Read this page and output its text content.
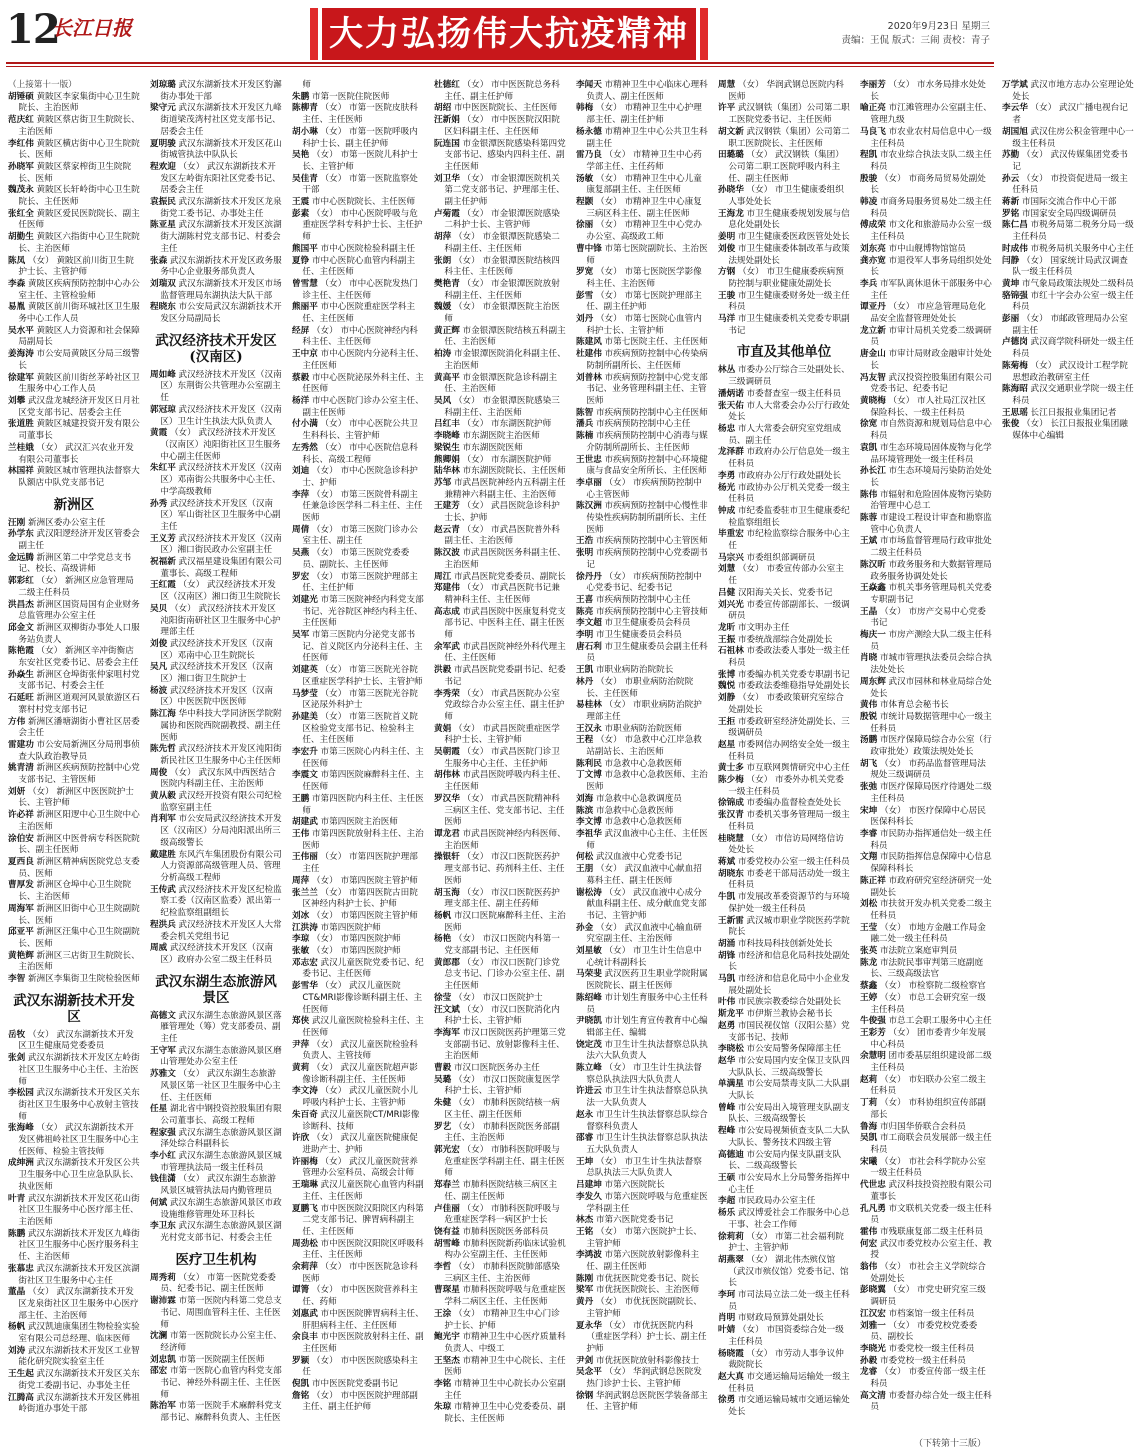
12
长江日报	大力弘扬伟大抗疫精神	2020年9月23日 星期三
责编：王侃 版式：三闹 责校：青子
（上接第十一版）

胡锤硕 黄陂区李家集街中心卫生院院长、主治医师

范庆红 黄陂区蔡店街卫生院院长、主治医师

李红伟 黄陂区横店街中心卫生院院长、医师

孙晓军 黄陂区蔡家榨街卫生院院长、医师

魏茂永 黄陂区长轩岭街中心卫生院院长、主任医师

张红全 黄陂区爱民医院院长、副主任医师

胡勤生 黄陂区六指街中心卫生院院长、主治医师

陈凤 （女） 黄陂区前川街卫生院护士长、主管护师

李森 黄陂区疾病预防控制中心办公室主任、主管检验师

易胤 黄陂区前川街环城社区卫生服务中心工作人员

吴水平 黄陂区人力资源和社会保障局副局长

姜海涛 市公安局黄陂区分局三级警长

徐建军 黄陂区前川街丝茅岭社区卫生服务中心工作人员

刘攀 武汉盘龙城经济开发区日月社区党支部书记、居委会主任

张道胜 黄陂区城建投资开发有限公司董事长

兰桂娥 （女） 武汉汇兴农业开发有限公司董事长

林国祥 黄陂区城市管理执法督察大队额店中队党支部书记

新洲区

汪刚 新洲区委办公室主任

孙学东 武汉阳逻经济开发区管委会副主任

金远腾 新洲区第二中学党总支书记、校长、高级讲师

郭彩红 （女） 新洲区应急管理局二级主任科员

洪昌杰 新洲区国资局国有企业财务总监管理办公室主任

邱金文 新洲区双柳街办事处人口服务站负责人

陈艳霞 （女） 新洲区辛冲街衡店东安社区党委书记、居委会主任

孙焱生 新洲区仓埠街张仲家咀村党支部书记、村委会主任

石延旺 新洲区道观河风景旅游区石寨村村党支部书记

方伟 新洲区潘塘湖街小曹社区居委会主任

雷建功 市公安局新洲区分局刑事侦查大队政治教导员

姚青清 新洲区疾病预防控制中心党支部书记、主管医师

刘妍 （女） 新洲区中医医院护士长、主管护师

许必祥 新洲区阳逻中心卫生院中心主治医师

涂伯安 新洲区中医骨病专科医院院长、副主任医师

夏西良 新洲区精神病医院党总支委员、医师

曹厚发 新洲区仓埠中心卫生院院长、主治医师

周海军 新洲区旧街中心卫生院副院长、医师

邱亚平 新洲区汪集中心卫生院副院长、医师

黄艳辉 新洲区三店街卫生院院长、主治医师

李智 新洲区李集街卫生院检验医师

武汉东湖新技术开发区

岳牧 （女） 武汉东湖新技术开发区卫生健康局党委委员

张剑 武汉东湖新技术开发区左岭街社区卫生服务中心主任、主治医师

李松园 武汉东湖新技术开发区关东街社区卫生服务中心放射主管技师

张海峰 （女） 武汉东湖新技术开发区佛祖岭社区卫生服务中心主任医师、检验主管技师

成绅洲 武汉东湖新技术开发区公共卫生服务中心卫生应急队队长、执业医师

叶青 武汉东湖新技术开发区花山街社区卫生服务中心医疗部主任、主治医师

陈鹏 武汉东湖新技术开发区九峰街社区卫生服务中心医疗服务科主任、主治医师

张慕忠 武汉东湖新技术开发区滨湖街社区卫生服务中心主任

董晶 （女） 武汉东湖新技术开发区龙泉街社区卫生服务中心医疗部主任、主治医师

杨帆 武汉凯迪康集团生物检验实验室有限公司总经理、临床医师

刘涛 武汉东湖新技术开发区工业智能化研究院实验室主任

王生起 武汉东湖新技术开发区关东街党工委副书记、办事处主任

江腾高 武汉东湖新技术开发区佛祖岭街道办事处干部

刘琼璐 武汉东湖新技术开发区豹澥街办事处干部

梁守元 武汉东湖新技术开发区九峰街道梁茂湾村社区党支部书记、居委会主任

夏明骏 武汉东湖新技术开发区花山街城管执法中队队长

程欢迎 （女） 武汉东湖新技术开发区左岭街东阳社区党委书记、居委会主任

袁振民 武汉东湖新技术开发区龙泉街党工委书记、办事处主任

陈亚星 武汉东湖新技术开发区滨湖街大湖陈村党支部书记、村委会主任

张森 武汉东湖新技术开发区政务服务中心企业服务部负责人

刘瑞双 武汉东湖新技术开发区市场监督管理局东湖执法大队干部

程晓东 市公安局武汉东湖新技术开发区分局副局长

武汉经济技术开发区(汉南区)

周如峰 武汉经济技术开发区（汉南区）东荆街公共管理办公室副主任

郭冠琼 武汉经济技术开发区（汉南区）卫生计生执法大队负责人

黄霞 （女） 武汉经济技术开发区（汉南区）沌阳街社区卫生服务中心副主任医师

朱红平 武汉经济技术开发区（汉南区）邓南街公共服务中心主任、中学高级教师

孙秀 武汉经济技术开发区（汉南区）军山街社区卫生服务中心副主任

王义芳 武汉经济技术开发区（汉南区）湘口街民政办公室副主任

祝福新 武汉福星建设集团有限公司董事长、高级工程师

王红霞 （女） 武汉经济技术开发区（汉南区）湘口街卫生院院长

吴贝 （女） 武汉经济技术开发区沌阳街南研社区卫生服务中心护理部主任

刘俊 武汉经济技术开发区（汉南区）邓南中心卫生院院长

吴凡 武汉经济技术开发区（汉南区）湘口街卫生院护士

杨波 武汉经济技术开发区（汉南区）中医医院中医医师

陈江海 华中科技大学同济医学院附属协和医院西院副教授、副主任医师

陈先哲 武汉经济技术开发区沌阳街新民社区卫生服务中心主任医师

周俊 （女） 武汉东风中西医结合医院内科副主任、主治医师

黄从毅 武汉经开投资有限公司纪检监察室副主任

肖利军 市公安局武汉经济技术开发区（汉南区）分局沌阳派出所三级高级警长

戴建胜 东风汽车集团股份有限公司人力资源部高级管理人员、管理分析高级工程师

王传武 武汉经济技术开发区纪检监察工委（汉南区监委）派出第一纪检监察组副组长

程洪兵 武汉经济技术开发区人大常委会机关党组书记

周威 武汉经济技术开发区（汉南区）政府办公室二级主任科员

武汉东湖生态旅游风景区

高德文 武汉东湖生态旅游风景区落雁管理处（筹）党支部委员、副主任

王守军 武汉东湖生态旅游风景区磨山管理处办公室主任

苏雅文 （女） 武汉东湖生态旅游风景区第一社区卫生服务中心主任、主任医师

任星 湖北省中钢投资控股集团有限公司董事长、高级工程师

程家强 武汉东湖生态旅游风景区湖泽处综合科副科长

李小红 武汉东湖生态旅游风景区城市管理执法局一级主任科员

钱佳潇 （女） 武汉东湖生态旅游风景区城管执法局内勤管理员

何斌 武汉东湖生态旅游风景区市政设施维修管理处环卫科长

李卫东 武汉东湖生态旅游风景区湖光村党支部书记、村委会主任

医疗卫生机构

周秀莉 （女） 市第一医院党委委员、纪委书记、副主任医师

谢沛霖 市第一医院内科第二党总支书记、周围血管科主任、主任医师

沈澜 市第一医院院长办公室主任、经济师

刘忠凯 市第一医院副主任医师

邵宏 市第一医院心血管内科党支部书记、神经外科副主任、主任医师

陈治军 市第一医院手术麻醉科党支部书记、麻醉科负责人、主任医师

朱鹏 市第一医院住院医师

陈柳青 （女） 市第一医院皮肤科主任、主任医师

胡小琳 （女） 市第一医院呼吸内科护士长、副主任护师

吴艳 （女） 市第一医院儿科护士长、主管护师

吴佳青 （女） 市第一医院监察处干部

王震 市中心医院院长、主任医师

彭素 （女） 市中心医院呼吸与危重症医学科专科护士长、主任护师

熊国平 市中心医院检验科副主任

夏铮 市中心医院心血管内科副主任、主任医师

曾雪慧 （女） 市中心医院发热门诊主任、主任医师

熊丽平 市中心医院重症医学科主任、主任医师

经屏 （女） 市中心医院神经内科科主任、主任医师

王中京 市中心医院内分泌科主任、主任医师

蔡毅 市中心医院泌尿外科主任、主任医师

杨洋 市中心医院门诊办公室主任、副主任医师

付小满 （女） 市中心医院公共卫生科科长、主管护师

左秀然 （女） 市中心医院信息科科长、高级工程师

刘迪 （女） 市中心医院急诊科护士、护师

李萍 （女） 市第三医院骨科副主任兼急诊医学科二科主任、主任医师

周倩 （女） 市第三医院门诊办公室主任、副主任

吴燕 （女） 市第三医院党委委员、副院长、主任医师

罗宏 （女） 市第三医院护理部主任、主任护师

刘建光 市第三医院神经内科党支部书记、光谷院区神经内科主任、主任医师

吴军 市第三医院内分泌党支部书记、首义院区内分泌科主任、主任医师

刘建英 （女） 市第三医院光谷院区重症医学科护士长、主管护师

马梦莹 （女） 市第三医院光谷院区泌尿外科护士

孙建美 （女） 市第三医院首义院区检验党支部书记、检验科主任、主任医师

李宏升 市第三医院心内科主任、主任医师

李震文 市第四医院麻醉科主任、主任医师

王鹏 市第四医院内科主任、主任医师

胡建武 市第四医院主治医师

王伟 市第四医院放射科主任、主治医师

王伟丽 （女） 市第四医院护理部主任

周萍 （女） 市第四医院主管护师

张兰兰 （女） 市第四医院古田院区神经内科护士长、护师

刘冰 （女） 市第四医院主管护师

江洪涛 市第四医院护师

李琼 （女） 市第四医院护师

张敏 （女） 市第四医院护师

邓志宏 武汉儿童医院党委书记、纪委书记、主任医师

彭雪华 （女） 武汉儿童医院CT&MRI影像诊断科副主任、主任医师

郑侠 武汉儿童医院检验科主任、主任医师

尹萍 （女） 武汉儿童医院检验科负责人、主管技师

黄莉 （女） 武汉儿童医院超声影像诊断科副主任、主任医师

李文涛 （女） 武汉儿童医院小儿呼吸内科护士长、主管护师

朱百奇 武汉儿童医院CT/MRI影像诊断科、技师

许欣 （女） 武汉儿童医院健康促进助产士、护师

许丽梅 （女） 武汉儿童医院营养管理办公室科员、高级会计师

王瑞琳 武汉儿童医院心血管内科副主任、主任医师

夏鹏飞 市中医医院汉阳院区内科第二党支部书记、脾胃病科副主任、主任医师

周劲松 市中医医院汉阳院区呼吸科主任、主任医师

余莉萍 （女） 市中医医院急诊科医师

谭箐 （女） 市中医医院营养科主任、药师

刘惠武 市中医医院脾胃病科主任、肝胆病科主任、主任医师

余良丰 市中医医院放射科主任、副主任医师

罗颖 （女） 市中医医院感染科主任

倪凯 市中医医院党委副书记

詹铭 （女） 市中医医院护理部副主任、副主任护师

杜德红 （女） 市中医医院总务科主任、副主任护师

胡绍 市中医医院院长、主任医师

汪新娟 （女） 市中医医院汉阳院区妇科副主任、主任医师

阮连国 市金银潭医院感染科第四党支部书记、感染内四科主任、副主任医师

刘卫华 （女） 市金银潭医院机关第二党支部书记、护理部主任、副主任护师

卢菊霞 （女） 市金银潭医院感染二科护士长、主管护师

胡萍 （女） 市金银潭医院感染二科副主任、主任医师

张朗 （女） 市金银潭医院结核四科主任、主任医师

樊艳青 （女） 市金银潭医院放射科副主任、主任医师

魏媛 （女） 市金银潭医院主治医师

黄正辉 市金银潭医院结核五科副主任、主治医师

柏涛 市金银潭医院消化科副主任、主治医师

黄高平 市金银潭医院急诊科副主任、主治医师

吴风 （女） 市金银潭医院感染三科副主任、主治医师

吕红丰 （女） 市东湖医院护师

李晓峰 市东湖医院主治医师

梁锐生 市东湖医院医师

熊卿娟 （女） 市东湖医院护师

陆华林 市东湖医院院长、主任医师

苏邹 市武昌医院神经内五科副主任兼精神六科副主任、主治医师

王建芳 （女） 武昌医院急诊科护士长、护师

赵云青 （女） 市武昌医院普外科副主任、主治医师

陈汉波 市武昌医院医务科副主任、主治医师

周江 市武昌医院党委委员、副院长

郑建伟 （女） 市武昌医院书记兼精神科主任、主任医师

高志成 市武昌医院中医康复科党支部书记、中医科主任、副主任医师

余军武 市武昌医院神经外科代理主任、主任医师

洪毅 市武昌医院党委副书记、纪委书记

李秀荣 （女） 市武昌医院办公室党政综合办公室主任、副主任护师

黄娟 （女） 市武昌医院重症医学科护士长、主管护师

吴朝霞 （女） 市武昌医院门诊卫生服务中心主任、主任护师

胡伟林 市武昌医院呼吸内科主任、主任医师

罗汉华 （女） 市武昌医院精神科三病区主任、党支部书记、主任医师

谭龙君 市武昌医院神经内科医师、主治医师

操银轩 （女） 市汉口医院医药护理支部书记、药剂科主任、主任医师

胡玉海 （女） 市汉口医院医药护理支部主任、副主任药师

杨帆 市汉口医院麻醉科主任、主治医师

杨艳 （女） 市汉口医院内科第一党支部副书记、主任医师

黄郎郡 （女） 市汉口医院门诊党总支书记、门诊办公室主任、副主任医师

徐莹 （女） 市汉口医院护士

汪文斌 （女） 市汉口医院消化内科护士长、主管护师

李海军 市汉口医院医药护理第三党支部副书记、放射影像科主任、主治医师

曹毅 市汉口医院医务办主任

吴璐 （女） 市汉口医院康复医学科护士长、主管护师

朱健 （女） 市肺科医院结核一病区主任、副主任医师

罗艺 （女） 市肺科医院医务部副主任、主治医师

郭光宏 （女） 市肺科医院呼吸与危重症医学科副主任、副主任医师

郑春兰 市肺科医院结核三病区主任、副主任医师

卢佳丽 （女） 市肺科医院呼吸与危重症医学科一病区护士长

饶有益 市肺科医院医务部科员

胡雪峰 市肺科医院新药临床试验机构办公室副主任、主任医师

李哲 （女） 市肺科医院肺部感染三病区主任、主治医师

曹琛星 市肺科医院呼吸与危重症医学科二病区主任、主任医师

王涂 （女） 市精神卫生中心门诊护士长、护师

鲍光宇 市精神卫生中心医疗质量科负责人、中级工

王坚杰 市精神卫生中心院长、主任医师

李铭 市精神卫生中心院长办公室副主任

朱琼 市精神卫生中心党委委员、副院长、主任医师

李闻天 市精神卫生中心临床心理科负责人、副主任医师

韩梅 （女） 市精神卫生中心护理部主任、副主任护师

杨永德 市精神卫生中心公共卫生科副主任

雷乃良 （女） 市精神卫生中心药学部主任、主任药师

汤敏 （女） 市精神卫生中心儿童康复部副主任、主任医师

程颢 （女） 市精神卫生中心康复三病区科主任、副主任医师

徐丽 （女） 市精神卫生中心党办办公室、高级政工师

曹中锋 市第七医院副院长、主治医师

罗宽 （女） 市第七医院医学影像科主任、主治医师

彭雪 （女） 市第七医院护理部主任、副主任护师

刘丹 （女） 市第七医院心血管内科护士长、主管护师

陈建风 市第七医院主任、主任医师

杜建伟 市疾病预防控制中心传染病防制所副所长、主任医师

刘普林 市疾病预防控制中心党支部书记、业务管理科副主任、主管医师

陈智 市疾病预防控制中心主任医师

潘兵 市疾病预防控制中心主任

陈楠 市疾病预防控制中心消毒与媒介防制所副所长、主任医师

王世忠 市疾病预防控制中心环境健康与食品安全所所长、主任医师

李卓丽 （女） 市疾病预防控制中心主管医师

陈汉洲 市疾病预防控制中心慢性非传染性疾病防制所副所长、主任医师

王浩 市疾病预防控制中心主管医师

张明 市疾病预防控制中心党委副书记

徐丹丹 （女） 市疾病预防控制中心党委书记、纪委书记

王喜 市疾病预防控制中心主任

陈亮 市疾病预防控制中心主管技师

李文超 市卫生健康委员会科员

李明 市卫生健康委员会科员

唐石利 市卫生健康委员会副主任科员

王凯 市职业病防治院院长

林丹 （女） 市职业病防治院院长、主任医师

易桂林 （女） 市职业病防治院护理部主任

王汉永 市职业病防治院医师

王程 （女） 市急救中心江岸急救站副站长、主治医师

陈利民 市急救中心急救医师

丁文博 市急救中心急救医师、主治医师

刘海 市急救中心急救调度员

陈滨 市急救中心急救医师

李文博 市急救中心急救医师

李祖华 武汉血液中心主任、主任医师

何松 武汉血液中心党委书记

王朋 （女） 武汉血液中心献血招募科主任、副主任医师

谢松涛 （女） 武汉血液中心成分献血科副主任、成分献血党支部书记、主管护师

孙金 （女） 武汉血液中心输血研究室副主任、主治医师

刘星敏 （女） 市卫生计生信息中心统计科副科长

马荣斐 武汉医药卫生职业学院附属医院院长、副主任医师

陈绍峰 市计划生育服务中心主任科员

尹晓凯 市计划生育宣传教育中心编辑部主任、编辑

饶定茂 市卫生计生执法督察总队执法六大队负责人

陈立峰 （女） 市卫生计生执法督察总队执法四大队负责人

许进云 市卫生计生执法督察总队执法一大队负责人

赵永 市卫生计生执法督察总队综合督察科负责人

邵睿 市卫生计生执法督察总队执法五大队负责人

王坤 （女） 市卫生计生执法督察总队执法三大队负责人

吕建坤 市第六医院院长

李发久 市第六医院呼吸与危重症医学科副主任

林杰 市第六医院党委书记

王铭 （女） 市第六医院护士长、主管护师

李鸿波 市第六医院放射影像科主任、副主任医师

陈刚 市优抚医院党委书记、院长

梁军 市优抚医院院长、主治医师

黄丹 （女） 市优抚医院副院长、主管护师

夏永华 （女） 市优抚医院内科（重症医学科）护士长、副主任护师

尹剑 市优抚医院放射科影像技士

吴念平 （女） 华润武钢总医院发热门诊护士长、主管护师

徐钢 华润武钢总医院医学装备部主任、主管护师

周慧 （女） 华润武钢总医院内科医师

许平 武汉钢铁（集团）公司第二职工医院党委书记、主任医师

胡文新 武汉钢铁（集团）公司第二职工医院院长、主任医师

田璐璐 （女） 武汉钢铁（集团）公司第二职工医院呼吸内科主任、副主任医师

孙晓华 （女） 市卫生健康委组织人事处处长

王海龙 市卫生健康委规划发展与信息化处副处长

姜明 市卫生健康委医政医管处处长

刘俊 市卫生健康委体制改革与政策法规处副处长

方钢 （女） 市卫生健康委疾病预防控制与职业健康处副处长

王骏 市卫生健康委财务处一级主任科员

马洋 市卫生健康委机关党委专职副书记

市直及其他单位

林丛 市委办公厅综合三处副处长、三级调研员

潘炳诺 市委督查室一级主任科员

张天佑 市人大常委会办公厅行政处处长

杨忠 市人大常委会研究室党组成员、副主任

龙泽群 市政府办公厅信息处一级主任科员

李勇 市政府办公厅行政处副处长

杨光 市政协办公厅机关党委一级主任科员

钟成 市纪委监委驻市卫生健康委纪检监察组组长

毕重宏 市纪检监察综合服务中心主任

马宗兴 市委组织部调研员

刘慧 （女） 市委宣传部办公室主任

吕健 汉阳海关关长、党委书记

刘兴光 市委宣传部副部长、一级调研员

龙昕 市文明办主任

王振 市委统战部综合处副处长

石祖林 市委政法委人事处一级主任科员

张博 市委编办机关党委专职副书记

魏悦 市委政法委维稳指导处副处长

刘静 （女） 市委政策研究室综合处副处长

王拒 市委政研室经济处副处长、三级调研员

赵星 市委网信办网络安全处一级主任科员

黄士多 市互联网舆情研究中心主任

陈少梅 （女） 市委外办机关党委一级主任科员

徐锦成 市委编办监督检查处处长

张汉青 市委机关事务管理局一级主任科员

桂晓慧 （女） 市信访局网络信访处处长

蒋斌 市委党校办公室一级主任科员

胡晓东 市委老干部局活动处一级主任科员

牛凯 市发展改革委资源节约与环境保护处一级主任科员

王新雷 武汉城市职业学院医药学院院长

胡涌 市科技局科技创新处处长

胡锋 市经济和信息化局科技处副处长

马凯 市经济和信息化局中小企业发展处副处长

叶伟 市民族宗教委综合处副处长

斯龙平 市伊斯兰教协会秘书长

赵勇 市国民视仪馆（汉阳公墓）党支部书记、技师

李晓松 市公安局警务保障部主任

赵华 市公安局国内安全保卫支队四大队队长、三级高级警长

单满星 市公安局禁毒支队二大队副大队长

曾峰 市公安局出入境管理支队副支队长、三级高级警长

程峰 市公安局视频侦查支队二大队大队长、警务技术四级主管

高德迪 市公安局内保支队副支队长、二级高级警长

王硕 市公安局水上分局警务指挥中心主任

李超 市民政局办公室主任

杨乐 武汉博爱社会工作服务中心总干事、社会工作师

徐莉莉 （女） 市第二社会福利院护士、主管护师

胡燕翠 （女） 湖北伟杰殡仪馆（武汉市殡仪馆）党委书记、馆长

李珂 市司法局立法二处一级主任科员

肖明 市财政局预算处副处长

叶婧 （女） 市国资委综合处一级主任科员

杨晓霞 （女） 市劳动人事争议仲裁院院长

赵大真 市交通运输局运输处一级主任科员

徐勇 市交通运输局城市交通运输处处长

李丽芳 （女） 市水务局排水处处长

喻正亮 市江滩管理办公室副主任、管理九级

马良飞 市农业农村局信息中心一级主任科员

程凯 市农业综合执法支队二级主任科员

殷骏 （女） 市商务局贸易处副处长

韩凌 市商务局服务贸易处二级主任科员

傅成荣 市文化和旅游局办公室一级主任科员

刘东亮 市中山舰博物馆馆员

龚亦宽 市退役军人事务局组织处处长

李兵 市军队离休退休干部服务中心主任

谭亚丹 （女） 市应急管理局危化品安全监督管理处处长

龙立新 市审计局机关党委二级调研员

唐金山 市审计局财政金融审计处处长

冯友智 武汉投资控股集团有限公司党委书记、纪委书记

黄晓梅 （女） 市人社局江汉社区保险科长、一级主任科员

徐宽 市自然资源和规划局信息中心科员

袁凯 市生态环境局固体废物与化学品环境管理处一级主任科员

孙长江 市生态环境局污染防治处处长

陈伟 市辐射和危险固体废物污染防治管理中心总工

陈蓉 市建设工程设计审查和勘察监管中心负责人

王斌 市市场监督管理局行政审批处二级主任科员

陈汉昕 市政务服务和大数据管理局政务服务协调处处长

王焱鑫 市机关事务管理局机关党委专职副书记

王晶 （女） 市房产交易中心党委书记

梅庆一 市房产测绘大队二级主任科员

肖晓 市城市管理执法委员会综合执法处处长

周东辉 武汉市园林和林业局综合处处长

黄伟 市体育总会秘书长

殷锐 市统计局数据管理中心一级主任科员

汤鹏 市医疗保障局综合办公室（行政审批处）政策法规处处长

胡飞 （女） 市药品监督管理局法规处三级调研员

张弛 市医疗保障局医疗待遇处二级主任科员

宋坤 （女） 市医疗保障中心居民医保科科长

李睿 市民防办指挥通信处一级主任科员

文翔 市民防指挥信息保障中心信息保障科科长

陈正祥 市政府研究室经济研究一处副处长

刘松 市扶贫开发办机关党委二级主任科员

王莹 （女） 市地方金融工作局金融二处一级主任科员

张英 市法院立案庭审判员

陈龙 市法院民事审判第三庭副庭长、三级高级法官

蔡鑫 （女） 市检察院二级检察官

王婷 （女） 市总工会研究室一级主任科员

牛俊强 市总工会职工服务中心主任

王彩芳 （女） 团市委青少年发展中心科员

余慧明 团市委基层组织建设部二级主任科员

赵莉 （女） 市妇联办公室二级主任科员

丁莉 （女） 市科协组织宣传部副部长

鲁海 市归国华侨联合会科员

吴凯 市工商联会员发展部一级主任科员

宋曦 （女） 市社会科学院办公室一级主任科员

代世忠 武汉科技投资控股有限公司董事长

孔凡勇 市文联机关党委一级主任科员

霍伟 市残联康复部二级主任科员

何宏 武汉市委党校办公室主任、教授

翁伟 （女） 市社会主义学院综合处副处长

彭晓翼 （女） 市党史研究室三级调研员

江汉宏 市档案馆一级主任科员

刘雅一 （女） 市委党校党委委员、副校长

李晓光 市委党校一级主任科员

孙毅 市委党校一级主任科员

龙睿 （女） 市委宣传部一级主任科员

高文清 市委督办综合处一级主任科员

万学斌 武汉市地方志办公室理论处处长

李云华 （女） 武汉广播电视台记者

胡国旭 武汉住房公积金管理中心一级主任科员

苏勤 （女） 武汉传媒集团党委书记

孙云 （女） 市投资促进局一级主任科员

蒋新 市国际交流合作中心干部

罗铭 市国家安全局四级调研员

陈仁昌 市税务局第二税务分局一级主任科员

时成伟 市税务局机关服务中心主任

闫静 （女） 国家统计局武汉调查队一级主任科员

黄坤 市气象局政策法规处二级科员

骆锦强 市红十字会办公室一级主任科员

彭丽 （女） 市邮政管理局办公室副主任

卢德岗 武汉商学院科研处一级主任科员

陈菊梅 （女） 武汉设计工程学院思想政治教研室主任

陈海昭 武汉交通职业学院一级主任科员

王思瑶 长江日报报业集团记者

张俊 （女） 长江日报报业集团融媒体中心编辑

（下转第十三版）
